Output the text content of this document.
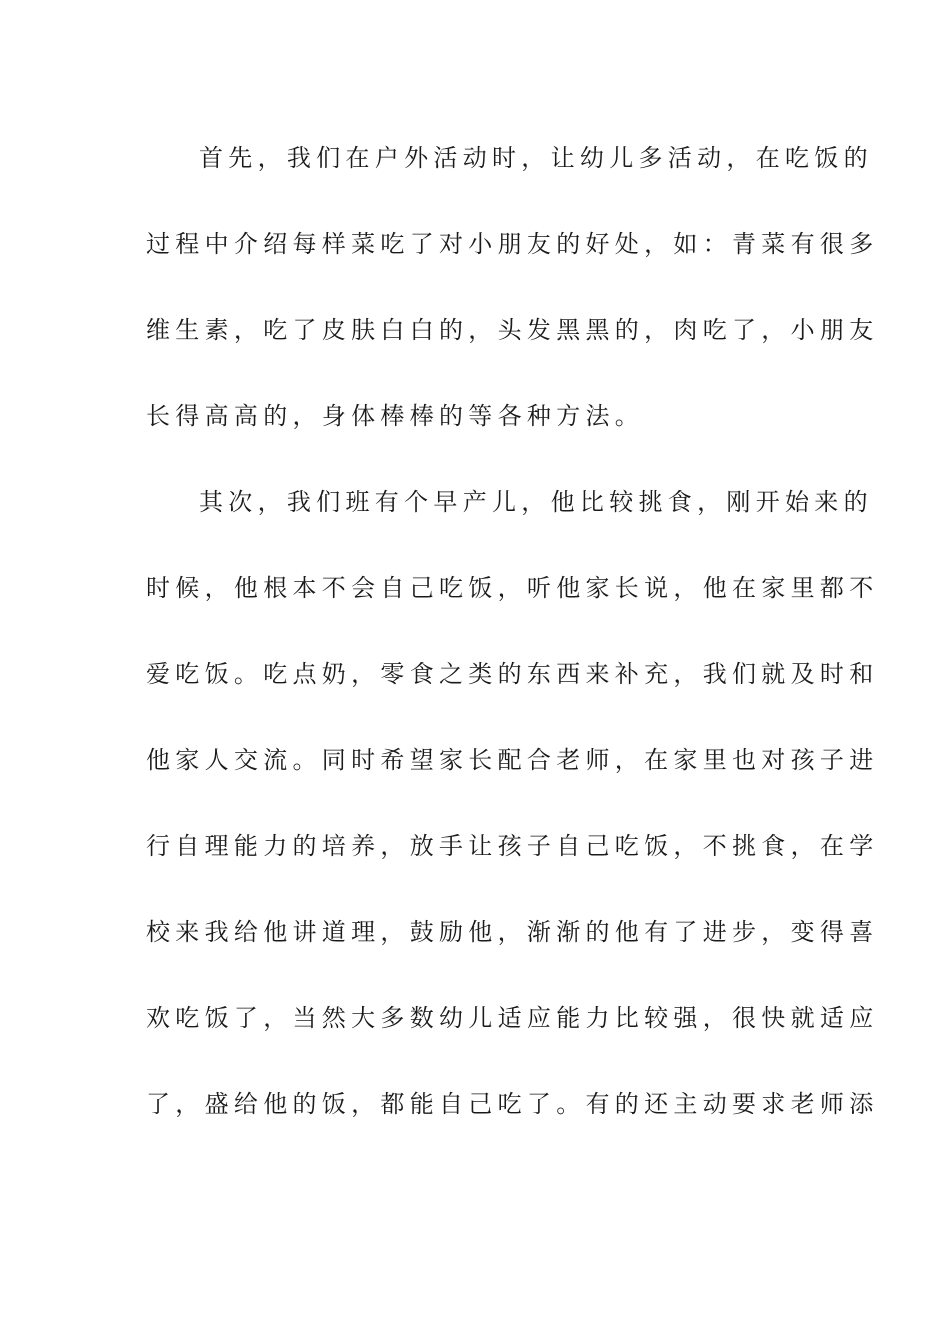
首先，我们在户外活动时，让幼儿多活动，在吃饭的
过程中介绍每样菜吃了对小朋友的好处，如：青菜有很多
维生素，吃了皮肤白白的，头发黑黑的，肉吃了，小朋友
长得高高的，身体棒棒的等各种方法。
其次，我们班有个早产儿，他比较挑食，刚开始来的
时候，他根本不会自己吃饭，听他家长说，他在家里都不
爱吃饭。吃点奶，零食之类的东西来补充，我们就及时和
他家人交流。同时希望家长配合老师，在家里也对孩子进
行自理能力的培养，放手让孩子自己吃饭，不挑食，在学
校来我给他讲道理，鼓励他，渐渐的他有了进步，变得喜
欢吃饭了，当然大多数幼儿适应能力比较强，很快就适应
了，盛给他的饭，都能自己吃了。有的还主动要求老师添
